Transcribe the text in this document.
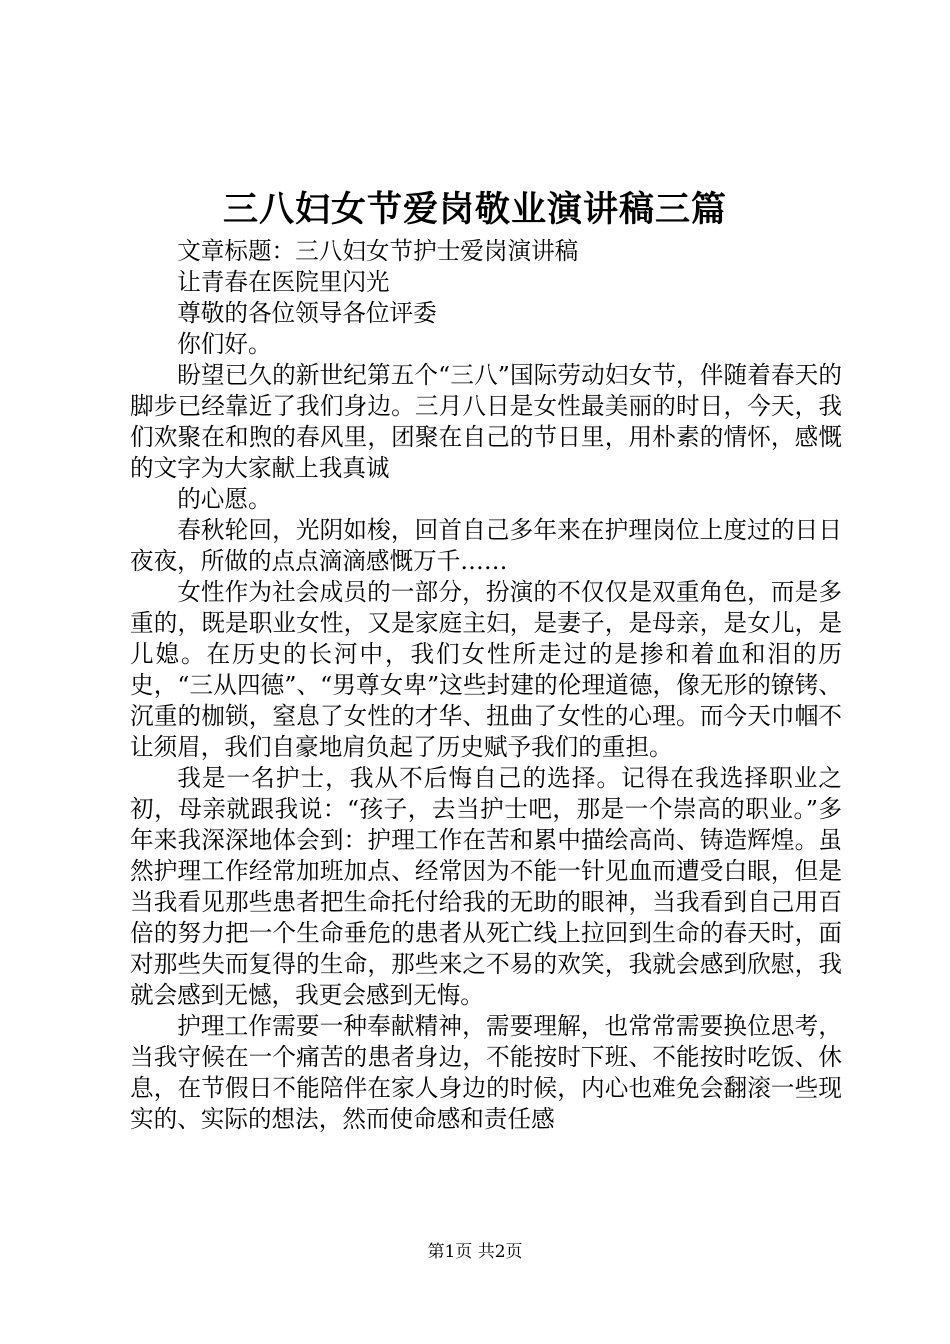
三八妇女节爱岗敬业演讲稿三篇

文章标题：三八妇女节护士爱岗演讲稿

让青春在医院里闪光

尊敬的各位领导各位评委

你们好。

盼望已久的新世纪第五个“三八”国际劳动妇女节，伴随着春天的脚步已经靠近了我们身边。三月八日是女性最美丽的时日，今天，我们欢聚在和煦的春风里，团聚在自己的节日里，用朴素的情怀，感慨的文字为大家献上我真诚

的心愿。

春秋轮回，光阴如梭，回首自己多年来在护理岗位上度过的日日夜夜，所做的点点滴滴感慨万千……

女性作为社会成员的一部分，扮演的不仅仅是双重角色，而是多重的，既是职业女性，又是家庭主妇，是妻子，是母亲，是女儿，是儿媳。在历史的长河中，我们女性所走过的是掺和着血和泪的历史，“三从四德”、“男尊女卑”这些封建的伦理道德，像无形的镣铐、沉重的枷锁，窒息了女性的才华、扭曲了女性的心理。而今天巾帼不让须眉，我们自豪地肩负起了历史赋予我们的重担。

我是一名护士，我从不后悔自己的选择。记得在我选择职业之初，母亲就跟我说：“孩子，去当护士吧，那是一个崇高的职业。”多年来我深深地体会到：护理工作在苦和累中描绘高尚、铸造辉煌。虽然护理工作经常加班加点、经常因为不能一针见血而遭受白眼，但是当我看见那些患者把生命托付给我的无助的眼神，当我看到自己用百倍的努力把一个生命垂危的患者从死亡线上拉回到生命的春天时，面对那些失而复得的生命，那些来之不易的欢笑，我就会感到欣慰，我就会感到无憾，我更会感到无悔。

护理工作需要一种奉献精神，需要理解，也常常需要换位思考，当我守候在一个痛苦的患者身边，不能按时下班、不能按时吃饭、休息，在节假日不能陪伴在家人身边的时候，内心也难免会翻滚一些现实的、实际的想法，然而使命感和责任感

第1页 共2页
